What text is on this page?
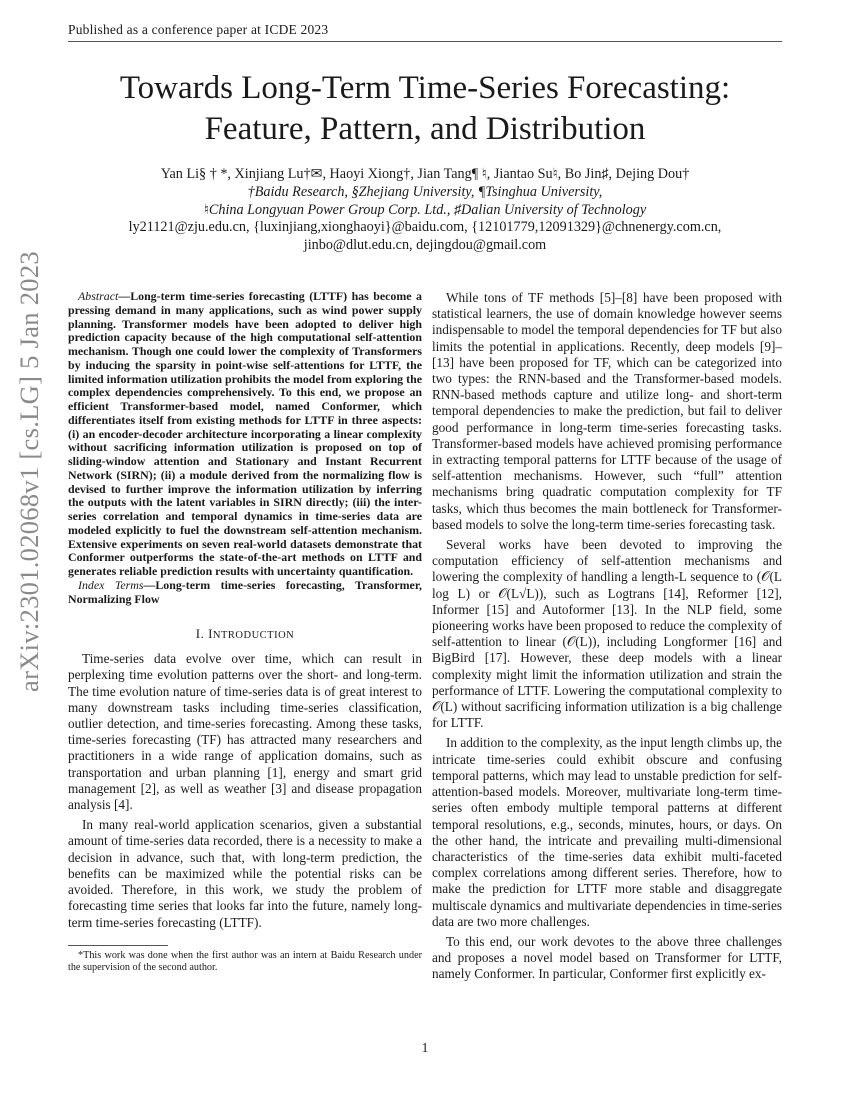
Published as a conference paper at ICDE 2023
arXiv:2301.02068v1 [cs.LG] 5 Jan 2023
Towards Long-Term Time-Series Forecasting:
Feature, Pattern, and Distribution
Yan Li§ † *, Xinjiang Lu†✉, Haoyi Xiong†, Jian Tang¶ ♮, Jiantao Su♮, Bo Jin♯, Dejing Dou†
†Baidu Research, §Zhejiang University, ¶Tsinghua University,
♮China Longyuan Power Group Corp. Ltd., ♯Dalian University of Technology
ly21121@zju.edu.cn, {luxinjiang,xionghaoyi}@baidu.com, {12101779,12091329}@chnenergy.com.cn,
jinbo@dlut.edu.cn, dejingdou@gmail.com

Abstract—Long-term time-series forecasting (LTTF) has become a pressing demand in many applications, such as wind power supply planning. Transformer models have been adopted to deliver high prediction capacity because of the high computational self-attention mechanism. Though one could lower the complexity of Transformers by inducing the sparsity in point-wise self-attentions for LTTF, the limited information utilization prohibits the model from exploring the complex dependencies comprehensively. To this end, we propose an efficient Transformer-based model, named Conformer, which differentiates itself from existing methods for LTTF in three aspects: (i) an encoder-decoder architecture incorporating a linear complexity without sacrificing information utilization is proposed on top of sliding-window attention and Stationary and Instant Recurrent Network (SIRN); (ii) a module derived from the normalizing flow is devised to further improve the information utilization by inferring the outputs with the latent variables in SIRN directly; (iii) the inter-series correlation and temporal dynamics in time-series data are modeled explicitly to fuel the downstream self-attention mechanism. Extensive experiments on seven real-world datasets demonstrate that Conformer outperforms the state-of-the-art methods on LTTF and generates reliable prediction results with uncertainty quantification.

Index Terms—Long-term time-series forecasting, Transformer, Normalizing Flow

I. INTRODUCTION

Time-series data evolve over time, which can result in perplexing time evolution patterns over the short- and long-term. The time evolution nature of time-series data is of great interest to many downstream tasks including time-series classification, outlier detection, and time-series forecasting. Among these tasks, time-series forecasting (TF) has attracted many researchers and practitioners in a wide range of application domains, such as transportation and urban planning [1], energy and smart grid management [2], as well as weather [3] and disease propagation analysis [4].

In many real-world application scenarios, given a substantial amount of time-series data recorded, there is a necessity to make a decision in advance, such that, with long-term prediction, the benefits can be maximized while the potential risks can be avoided. Therefore, in this work, we study the problem of forecasting time series that looks far into the future, namely long-term time-series forecasting (LTTF).

*This work was done when the first author was an intern at Baidu Research under the supervision of the second author.

While tons of TF methods [5]–[8] have been proposed with statistical learners, the use of domain knowledge however seems indispensable to model the temporal dependencies for TF but also limits the potential in applications. Recently, deep models [9]–[13] have been proposed for TF, which can be categorized into two types: the RNN-based and the Transformer-based models. RNN-based methods capture and utilize long- and short-term temporal dependencies to make the prediction, but fail to deliver good performance in long-term time-series forecasting tasks. Transformer-based models have achieved promising performance in extracting temporal patterns for LTTF because of the usage of self-attention mechanisms. However, such “full” attention mechanisms bring quadratic computation complexity for TF tasks, which thus becomes the main bottleneck for Transformer-based models to solve the long-term time-series forecasting task.

Several works have been devoted to improving the computation efficiency of self-attention mechanisms and lowering the complexity of handling a length-L sequence to (𝒪(L log L) or 𝒪(L√L)), such as Logtrans [14], Reformer [12], Informer [15] and Autoformer [13]. In the NLP field, some pioneering works have been proposed to reduce the complexity of self-attention to linear (𝒪(L)), including Longformer [16] and BigBird [17]. However, these deep models with a linear complexity might limit the information utilization and strain the performance of LTTF. Lowering the computational complexity to 𝒪(L) without sacrificing information utilization is a big challenge for LTTF.

In addition to the complexity, as the input length climbs up, the intricate time-series could exhibit obscure and confusing temporal patterns, which may lead to unstable prediction for self-attention-based models. Moreover, multivariate long-term time-series often embody multiple temporal patterns at different temporal resolutions, e.g., seconds, minutes, hours, or days. On the other hand, the intricate and prevailing multi-dimensional characteristics of the time-series data exhibit multi-faceted complex correlations among different series. Therefore, how to make the prediction for LTTF more stable and disaggregate multiscale dynamics and multivariate dependencies in time-series data are two more challenges.

To this end, our work devotes to the above three challenges and proposes a novel model based on Transformer for LTTF, namely Conformer. In particular, Conformer first explicitly ex-

1
